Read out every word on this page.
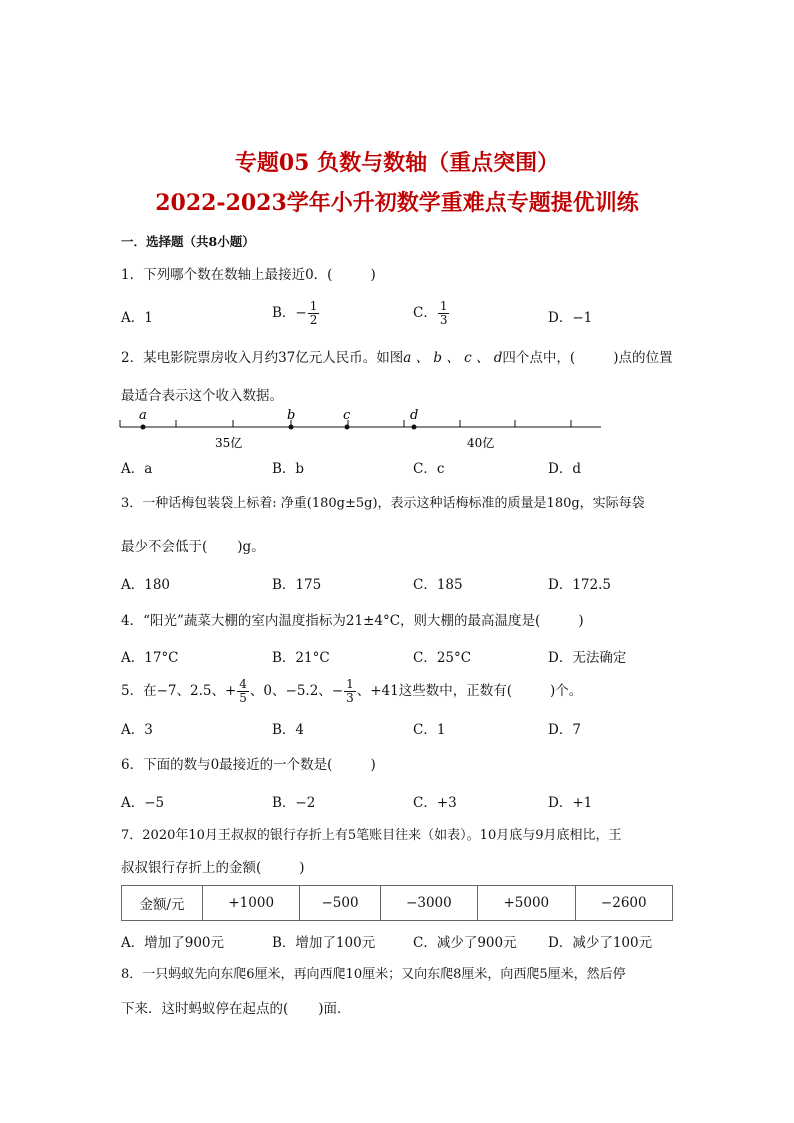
专题05 负数与数轴（重点突围）
2022-2023学年小升初数学重难点专题提优训练
一．选择题（共8小题）
1．下列哪个数在数轴上最接近0．(	)
A．1	B．− $\frac{1}{2}$	C． $\frac{1}{3}$	D．−1
2．某电影院票房收入月约37亿元人民币。如图a 、 b 、 c 、 d四个点中，(	)点的位置
最适合表示这个收入数据。
a	b	c	d
35亿	40亿
A．a	B．b	C．c	D．d
3．一种话梅包装袋上标着: 净重(180g±5g)，表示这种话梅标准的质量是180g，实际每袋
最少不会低于( )g。
A．180	B．175	C．185	D．172.5
4．“阳光”蔬菜大棚的室内温度指标为21±4°C，则大棚的最高温度是(	)
A．17°C	B．21°C	C．25°C	D．无法确定
5．在−7、2.5、+ $\frac{4}{5}$ 、0、−5.2、− $\frac{1}{3}$ 、+41这些数中，正数有(	)个。
A．3	B．4	C．1	D．7
6．下面的数与0最接近的一个数是(	)
A．−5	B．−2	C．+3	D．+1
7．2020年10月王叔叔的银行存折上有5笔账目往来（如表）。10月底与9月底相比，王
叔叔银行存折上的金额(	)
金额/元	+1000	−500	−3000	+5000	−2600
A．增加了900元	B．增加了100元	C．减少了900元 D．减少了100元
8．一只蚂蚁先向东爬6厘米，再向西爬10厘米；又向东爬8厘米，向西爬5厘米，然后停
下来．这时蚂蚁停在起点的( )面．
